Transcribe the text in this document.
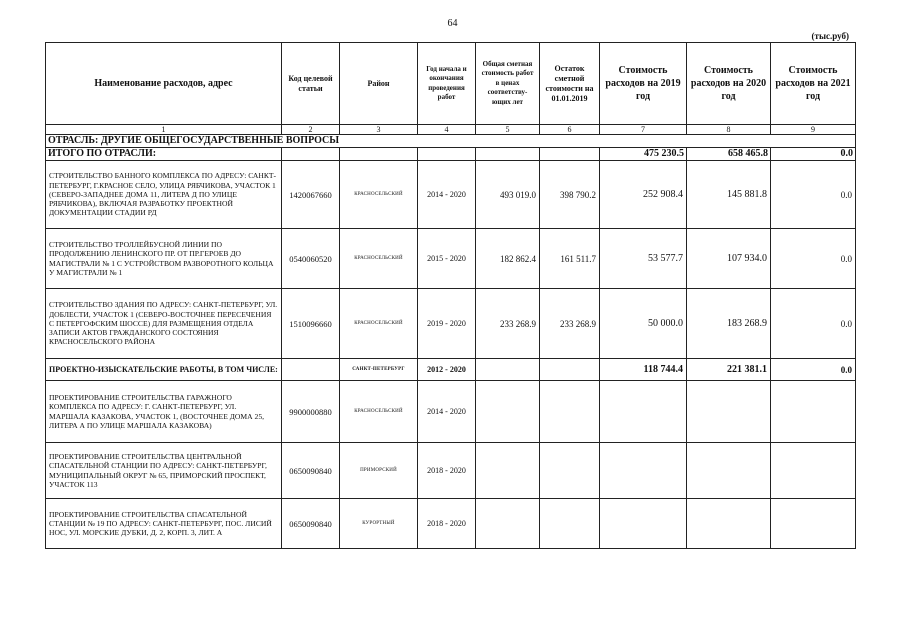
64
(тыс.руб)
Наименование расходов, адрес	Код целевой статьи	Район	Год начала и окончания проведения работ	Общая сметная стоимость работ в ценах соответству-ющих лет	Остаток сметной стоимости на 01.01.2019	Стоимость расходов на 2019 год	Стоимость расходов на 2020 год	Стоимость расходов на 2021 год
1	2	3	4	5	6	7	8	9
ОТРАСЛЬ: ДРУГИЕ ОБЩЕГОСУДАРСТВЕННЫЕ ВОПРОСЫ								
ИТОГО ПО ОТРАСЛИ:						475 230.5	658 465.8	0.0
СТРОИТЕЛЬСТВО БАННОГО КОМПЛЕКСА ПО АДРЕСУ: САНКТ-ПЕТЕРБУРГ, Г.КРАСНОЕ СЕЛО, УЛИЦА РЯБЧИКОВА, УЧАСТОК 1 (СЕВЕРО-ЗАПАДНЕЕ ДОМА 11, ЛИТЕРА Д ПО УЛИЦЕ РЯБЧИКОВА), ВКЛЮЧАЯ РАЗРАБОТКУ ПРОЕКТНОЙ ДОКУМЕНТАЦИИ СТАДИИ РД	1420067660	КРАСНОСЕЛЬСКИЙ	2014 - 2020	493 019.0	398 790.2	252 908.4	145 881.8	0.0
СТРОИТЕЛЬСТВО ТРОЛЛЕЙБУСНОЙ ЛИНИИ ПО ПРОДОЛЖЕНИЮ ЛЕНИНСКОГО ПР. ОТ ПР.ГЕРОЕВ ДО МАГИСТРАЛИ № 1 С УСТРОЙСТВОМ РАЗВОРОТНОГО КОЛЬЦА У МАГИСТРАЛИ № 1	0540060520	КРАСНОСЕЛЬСКИЙ	2015 - 2020	182 862.4	161 511.7	53 577.7	107 934.0	0.0
СТРОИТЕЛЬСТВО ЗДАНИЯ ПО АДРЕСУ: САНКТ-ПЕТЕРБУРГ, УЛ. ДОБЛЕСТИ, УЧАСТОК 1 (СЕВЕРО-ВОСТОЧНЕЕ ПЕРЕСЕЧЕНИЯ С ПЕТЕРГОФСКИМ ШОССЕ) ДЛЯ РАЗМЕЩЕНИЯ ОТДЕЛА ЗАПИСИ АКТОВ ГРАЖДАНСКОГО СОСТОЯНИЯ КРАСНОСЕЛЬСКОГО РАЙОНА	1510096660	КРАСНОСЕЛЬСКИЙ	2019 - 2020	233 268.9	233 268.9	50 000.0	183 268.9	0.0
ПРОЕКТНО-ИЗЫСКАТЕЛЬСКИЕ РАБОТЫ, В ТОМ ЧИСЛЕ:		САНКТ-ПЕТЕРБУРГ	2012 - 2020			118 744.4	221 381.1	0.0
ПРОЕКТИРОВАНИЕ СТРОИТЕЛЬСТВА ГАРАЖНОГО КОМПЛЕКСА ПО АДРЕСУ: Г. САНКТ-ПЕТЕРБУРГ, УЛ. МАРШАЛА КАЗАКОВА, УЧАСТОК 1, (ВОСТОЧНЕЕ ДОМА 25, ЛИТЕРА А ПО УЛИЦЕ МАРШАЛА КАЗАКОВА)	9900000880	КРАСНОСЕЛЬСКИЙ	2014 - 2020					
ПРОЕКТИРОВАНИЕ СТРОИТЕЛЬСТВА ЦЕНТРАЛЬНОЙ СПАСАТЕЛЬНОЙ СТАНЦИИ ПО АДРЕСУ: САНКТ-ПЕТЕРБУРГ, МУНИЦИПАЛЬНЫЙ ОКРУГ № 65, ПРИМОРСКИЙ ПРОСПЕКТ, УЧАСТОК 113	0650090840	ПРИМОРСКИЙ	2018 - 2020					
ПРОЕКТИРОВАНИЕ СТРОИТЕЛЬСТВА СПАСАТЕЛЬНОЙ СТАНЦИИ № 19 ПО АДРЕСУ: САНКТ-ПЕТЕРБУРГ, ПОС. ЛИСИЙ НОС, УЛ. МОРСКИЕ ДУБКИ, Д. 2, КОРП. 3, ЛИТ. А	0650090840	КУРОРТНЫЙ	2018 - 2020					
